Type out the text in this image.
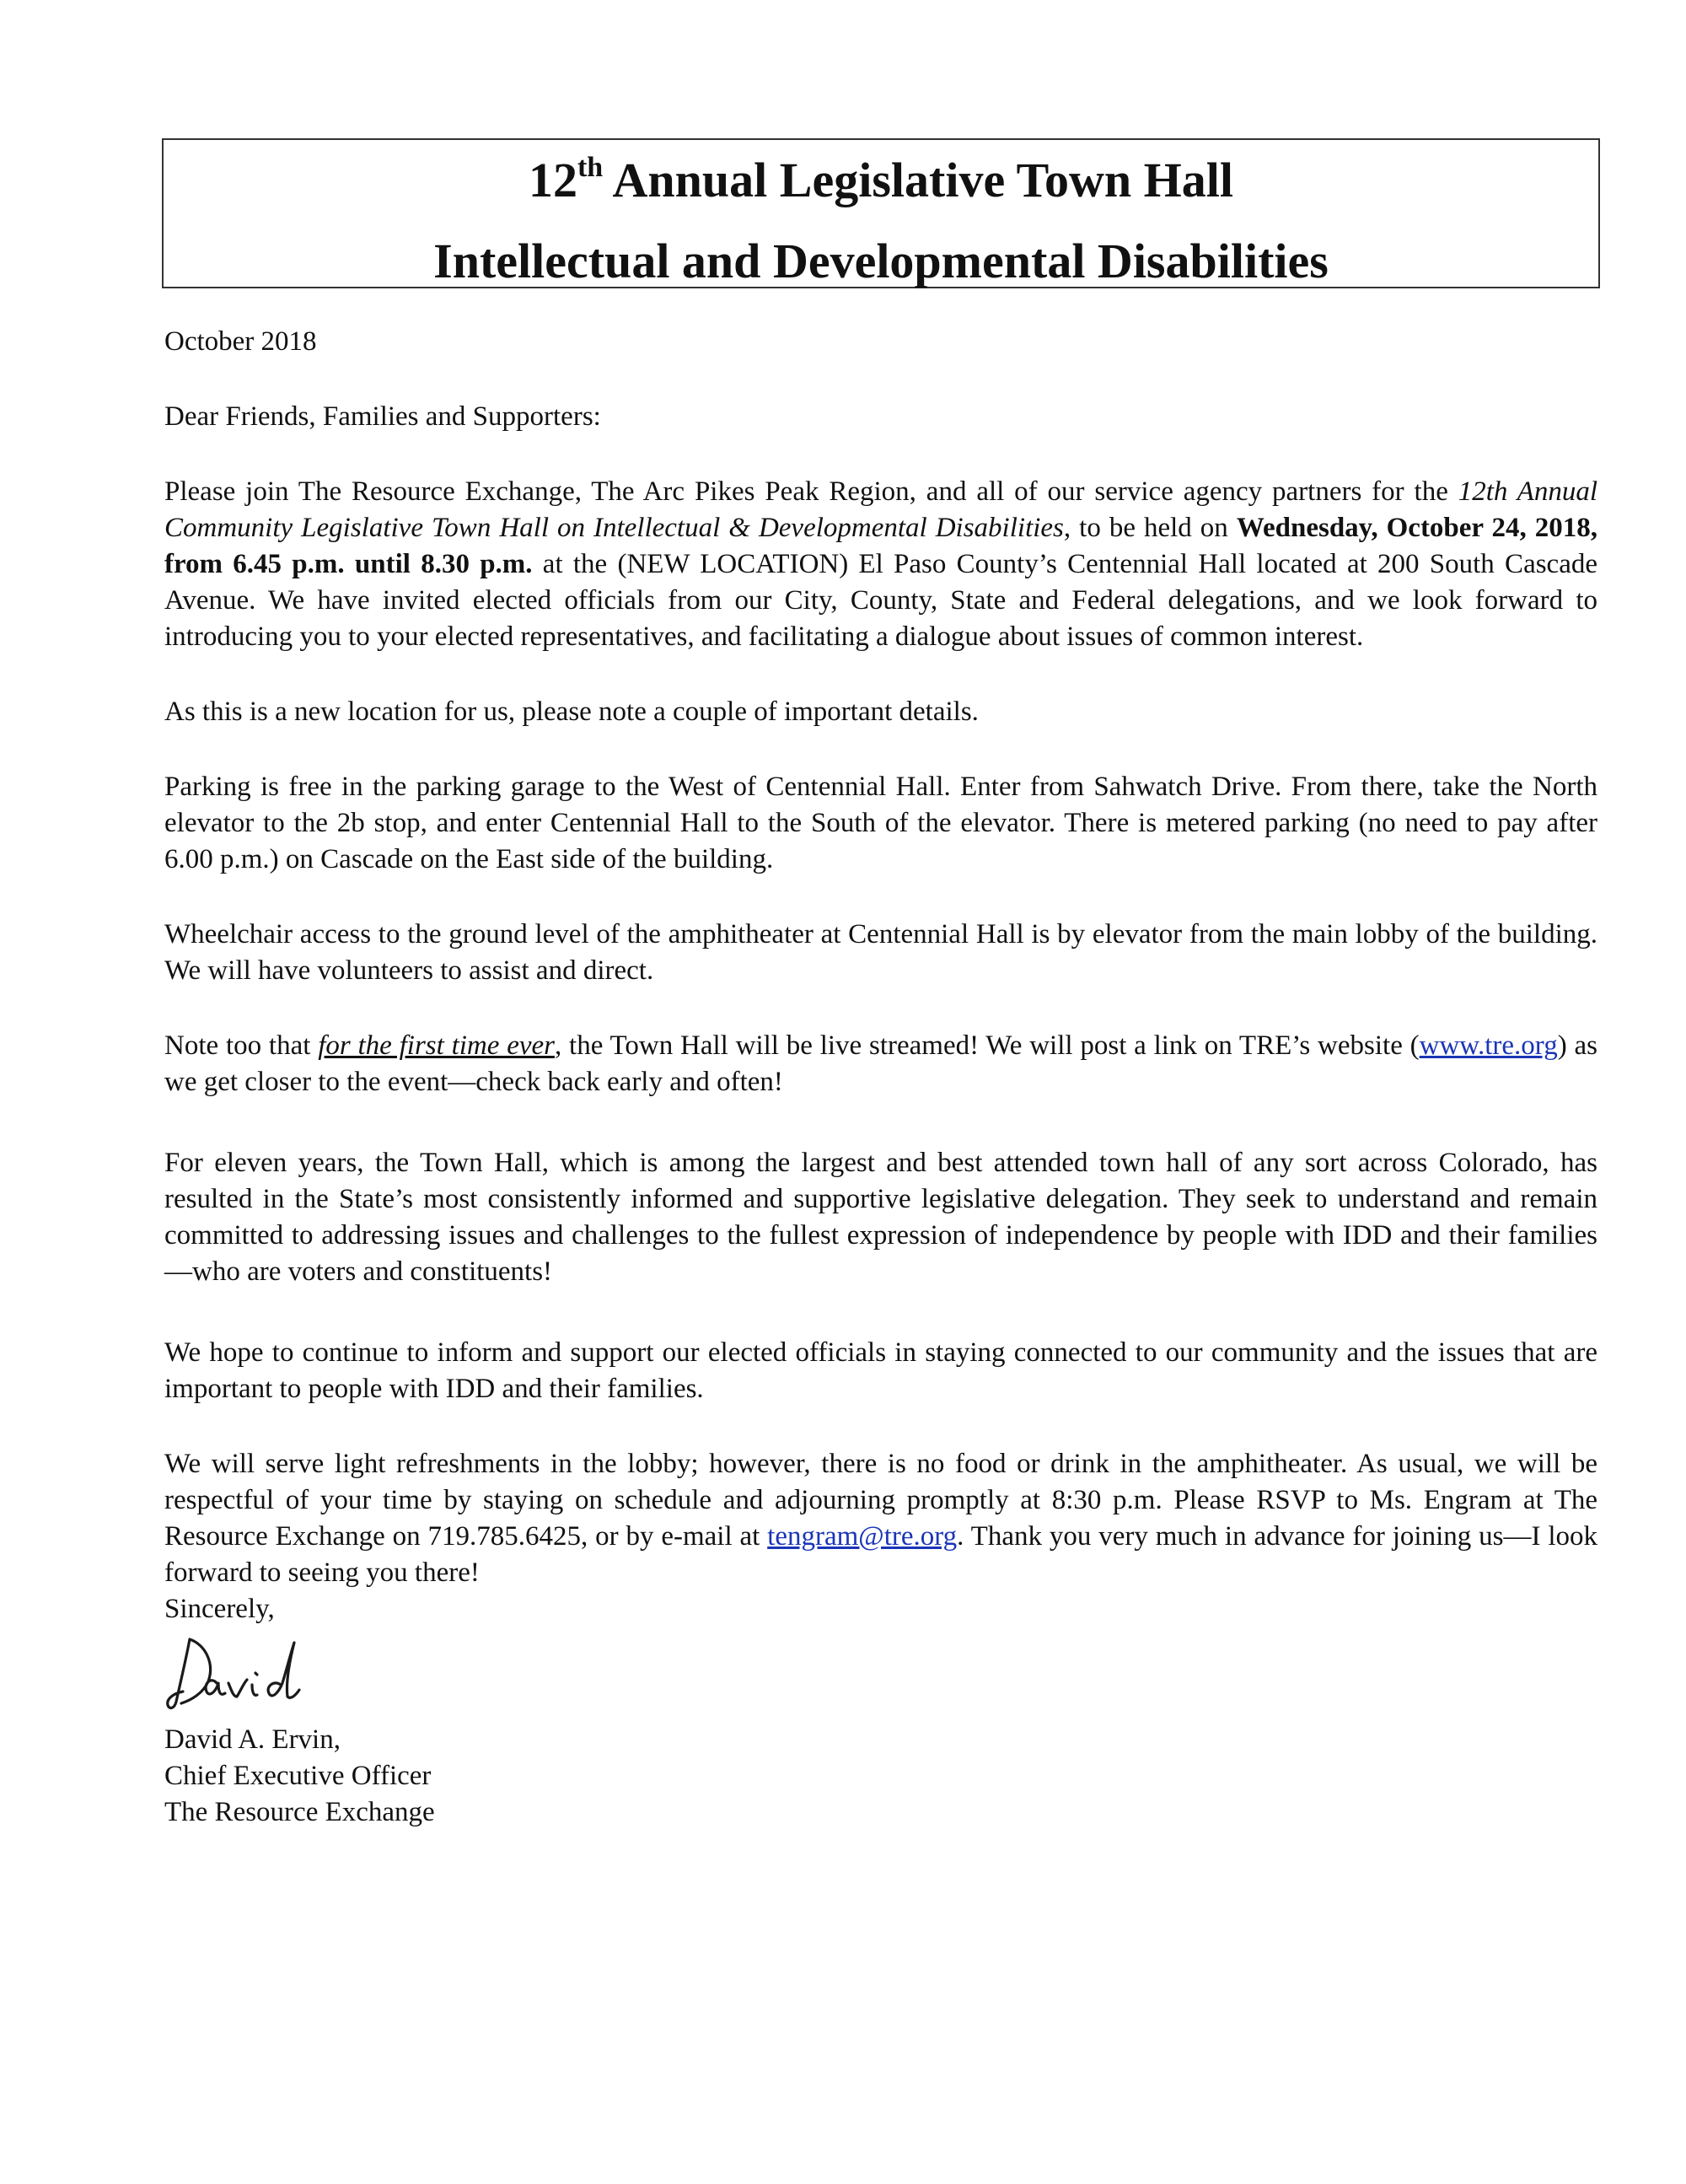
12th Annual Legislative Town Hall

Intellectual and Developmental Disabilities

October 2018

Dear Friends, Families and Supporters:

Please join The Resource Exchange, The Arc Pikes Peak Region, and all of our service agency partners for the 12th Annual Community Legislative Town Hall on Intellectual & Developmental Disabilities, to be held on Wednesday, October 24, 2018, from 6.45 p.m. until 8.30 p.m. at the (NEW LOCATION) El Paso County’s Centennial Hall located at 200 South Cascade Avenue. We have invited elected officials from our City, County, State and Federal delegations, and we look forward to introducing you to your elected representatives, and facilitating a dialogue about issues of common interest.

As this is a new location for us, please note a couple of important details.

Parking is free in the parking garage to the West of Centennial Hall. Enter from Sahwatch Drive. From there, take the North elevator to the 2b stop, and enter Centennial Hall to the South of the elevator. There is metered parking (no need to pay after 6.00 p.m.) on Cascade on the East side of the building.

Wheelchair access to the ground level of the amphitheater at Centennial Hall is by elevator from the main lobby of the building. We will have volunteers to assist and direct.

Note too that for the first time ever, the Town Hall will be live streamed! We will post a link on TRE’s website (www.tre.org) as we get closer to the event—check back early and often!

For eleven years, the Town Hall, which is among the largest and best attended town hall of any sort across Colorado, has resulted in the State’s most consistently informed and supportive legislative delegation. They seek to understand and remain committed to addressing issues and challenges to the fullest expression of independence by people with IDD and their families—who are voters and constituents!

We hope to continue to inform and support our elected officials in staying connected to our community and the issues that are important to people with IDD and their families.

We will serve light refreshments in the lobby; however, there is no food or drink in the amphitheater. As usual, we will be respectful of your time by staying on schedule and adjourning promptly at 8:30 p.m. Please RSVP to Ms. Engram at The Resource Exchange on 719.785.6425, or by e-mail at tengram@tre.org. Thank you very much in advance for joining us—I look forward to seeing you there!

Sincerely,

David A. Ervin,

Chief Executive Officer

The Resource Exchange
